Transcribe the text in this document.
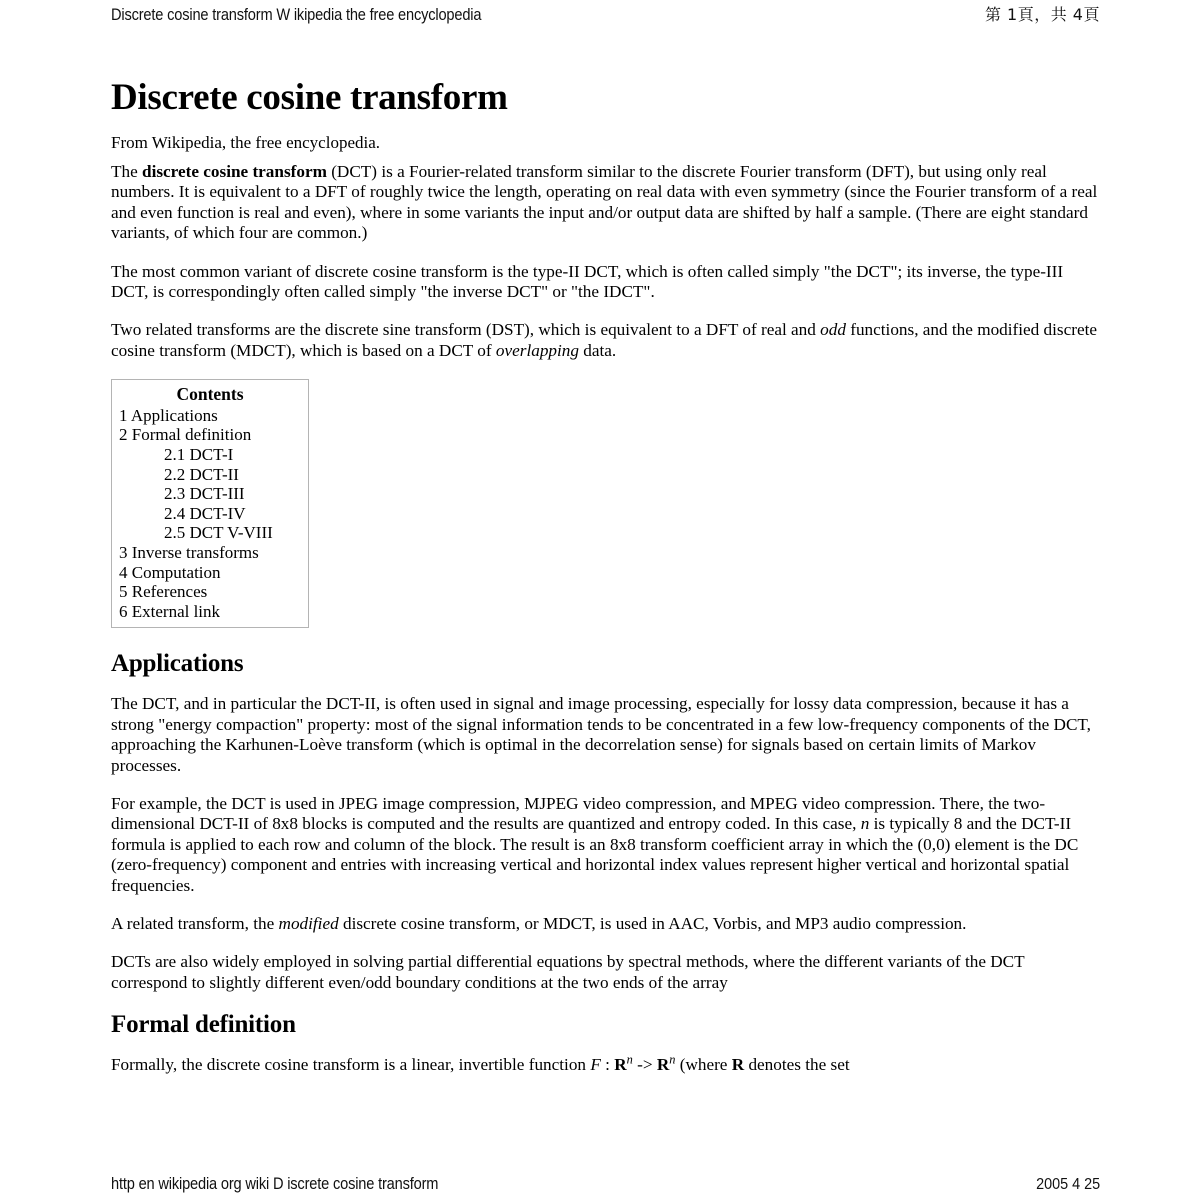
Discrete cosine transform W ikipedia the free encyclopedia	第 1頁，共 4頁
Discrete cosine transform
From Wikipedia, the free encyclopedia.

The discrete cosine transform (DCT) is a Fourier-related transform similar to the discrete Fourier transform (DFT), but using only real numbers. It is equivalent to a DFT of roughly twice the length, operating on real data with even symmetry (since the Fourier transform of a real and even function is real and even), where in some variants the input and/or output data are shifted by half a sample. (There are eight standard variants, of which four are common.)

The most common variant of discrete cosine transform is the type-II DCT, which is often called simply "the DCT"; its inverse, the type-III DCT, is correspondingly often called simply "the inverse DCT" or "the IDCT".

Two related transforms are the discrete sine transform (DST), which is equivalent to a DFT of real and odd functions, and the modified discrete cosine transform (MDCT), which is based on a DCT of overlapping data.

Contents
1 Applications
2 Formal definition
2.1 DCT-I
2.2 DCT-II
2.3 DCT-III
2.4 DCT-IV
2.5 DCT V-VIII
3 Inverse transforms
4 Computation
5 References
6 External link
Applications

The DCT, and in particular the DCT-II, is often used in signal and image processing, especially for lossy data compression, because it has a strong "energy compaction" property: most of the signal information tends to be concentrated in a few low-frequency components of the DCT, approaching the Karhunen-Loève transform (which is optimal in the decorrelation sense) for signals based on certain limits of Markov processes.

For example, the DCT is used in JPEG image compression, MJPEG video compression, and MPEG video compression. There, the two-dimensional DCT-II of 8x8 blocks is computed and the results are quantized and entropy coded. In this case, n is typically 8 and the DCT-II formula is applied to each row and column of the block. The result is an 8x8 transform coefficient array in which the (0,0) element is the DC (zero-frequency) component and entries with increasing vertical and horizontal index values represent higher vertical and horizontal spatial frequencies.

A related transform, the modified discrete cosine transform, or MDCT, is used in AAC, Vorbis, and MP3 audio compression.

DCTs are also widely employed in solving partial differential equations by spectral methods, where the different variants of the DCT correspond to slightly different even/odd boundary conditions at the two ends of the array

Formal definition

Formally, the discrete cosine transform is a linear, invertible function F : $R^n -> R^n$ (where R denotes the set

http en wikipedia org wiki D iscrete cosine transform	2005 4 25
